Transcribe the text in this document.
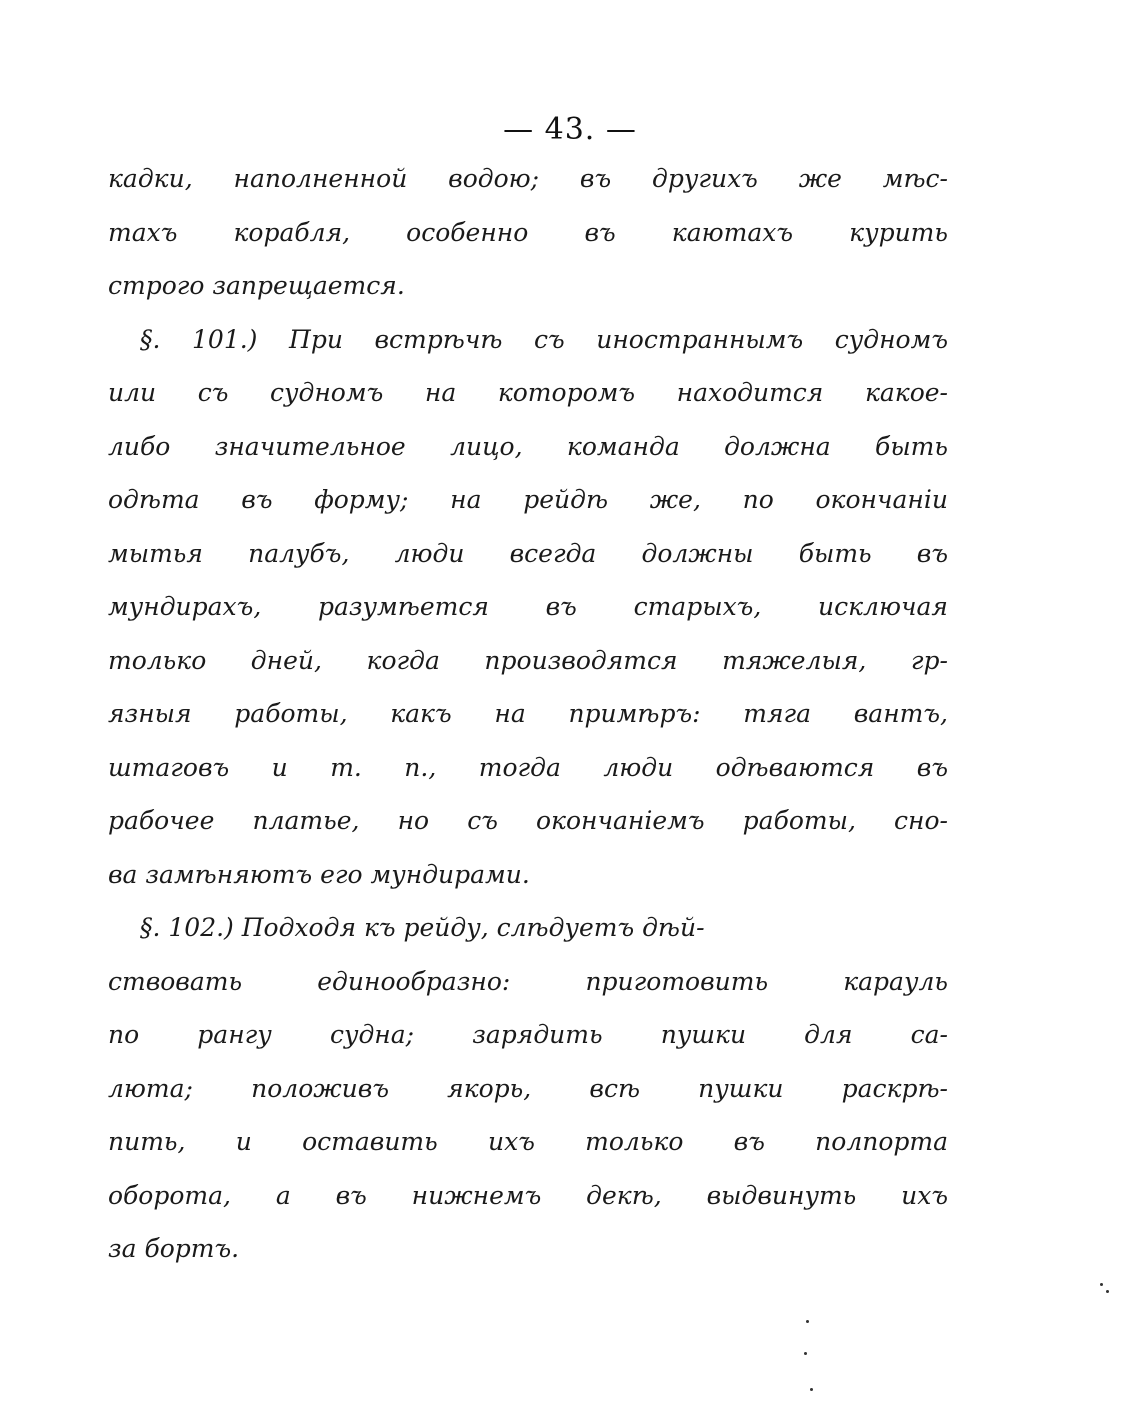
— 43. —
кадки, наполненной водою; въ другихъ же мѣс-
тахъ корабля, особенно въ каютахъ курить
строго запрещается.
§. 101.) При встрѣчѣ съ иностраннымъ судномъ
или съ судномъ на которомъ находится какое-
либо значительное лицо, команда должна быть
одѣта въ форму; на рейдѣ же, по окончаніи
мытья палубъ, люди всегда должны быть въ
мундирахъ, разумѣется въ старыхъ, исключая
только дней, когда производятся тяжелыя, гр-
язныя работы, какъ на примѣръ: тяга вантъ,
штаговъ и т. п., тогда люди одѣваются въ
рабочее платье, но съ окончаніемъ работы, сно-
ва замѣняютъ его мундирами.
§. 102.) Подходя къ рейду, слѣдуетъ дѣй-
ствовать единообразно: приготовить карауль
по рангу судна; зарядить пушки для са-
люта; положивъ якорь, всѣ пушки раскрѣ-
пить, и оставить ихъ только въ полпорта
оборота, а въ нижнемъ декѣ, выдвинуть ихъ
за бортъ.
